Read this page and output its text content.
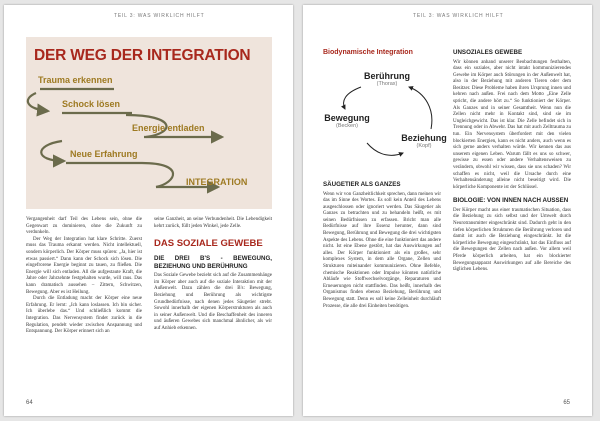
TEIL 3: WAS WIRKLICH HILFT
DER WEG DER INTEGRATION
Trauma erkennen
Schock lösen
Energie entladen
Neue Erfahrung
INTEGRATION

Vergangenheit darf Teil des Lebens sein, ohne die Gegenwart zu dominieren, ohne die Zukunft zu verdunkeln.

Der Weg der Integration hat klare Schritte. Zuerst muss das Trauma erkannt werden. Nicht intellektuell, sondern körperlich. Der Körper muss spüren: „Ja, hier ist etwas passiert.“ Dann kann der Schock sich lösen. Die eingefrorene Energie beginnt zu tauen, zu fließen. Die Energie will sich entladen. All die aufgestaute Kraft, die Jahre oder Jahrzehnte festgehalten wurde, will raus. Das kann dramatisch aussehen – Zittern, Schwitzen, Bewegung. Aber es ist Heilung.

Durch die Entladung macht der Körper eine neue Erfahrung. Er lernt: „Ich kann loslassen. Ich bin sicher. Ich überlebe das.“ Und schließlich kommt die Integration. Das Nervensystem findet zurück in die Regulation, pendelt wieder zwischen Anspannung und Entspannung. Der Körper erinnert sich an

seine Ganzheit, an seine Verbundenheit. Die Lebendigkeit kehrt zurück, füllt jeden Winkel, jede Zelle.

DAS SOZIALE GEWEBE
DIE DREI B'S - BEWEGUNG, BEZIEHUNG UND BERÜHRUNG

Das Soziale Gewebe bezieht sich auf die Zusammenhänge im Körper aber auch auf die soziale Interaktion mit der Außenwelt. Dazu zählen die drei B's: Bewegung, Beziehung und Berührung als wichtigste Grundbedürfnisse, nach denen jedes Säugetier strebt. Sowohl innerhalb der eigenen Körperstrukturen als auch in seiner Außenwelt. Und die Beschaffenheit des inneren und äußeren Gewebes sich manchmal ähnlicher, als wir auf Anhieb erkennen.

64
TEIL 3: WAS WIRKLICH HILFT
Biodynamische Integration
Berührung
(Thorax)
Bewegung
(Becken)
Beziehung
(Kopf)
SÄUGETIER ALS GANZES

Wenn wir von Ganzheitlichkeit sprechen, dann meinen wir das im Sinne des Wortes. Es soll kein Anteil des Lebens ausgeschlossen oder ignoriert werden. Das Säugetier als Ganzes zu betrachten und zu behandeln heißt, es mit seinen Bedürfnissen zu erfassen. Bricht man alle Bedürfnisse auf ihre Essenz herunter, dann sind Bewegung, Berührung und Bewegung die drei wichtigsten Aspekte des Lebens. Ohne die eine funktioniert das andere nicht. Ist eine Ebene gestört, hat das Auswirkungen auf alles. Der Körper funktioniert als ein großes, sehr komplexes System, in dem alle Organe, Zellen und Strukturen miteinander kommunizieren. Ohne Befehle, chemische Reaktionen oder Impulse könnten natürliche Abläufe wie Stoffwechselvorgänge, Reparaturen und Erneuerungen nicht stattfinden. Das heißt, innerhalb des Organismus finden ebenso Beziehung, Berührung und Bewegung statt. Denn es soll keine Zelleinheit durchläuft Prozesse, die alle drei Einheiten benötigen.

UNSOZIALES GEWEBE

Wir können anhand unserer Beobachtungen festhalten, dass ein soziales, aber nicht intakt kommunizierendes Gewebe im Körper auch Störungen in der Außenwelt hat, also in der Beziehung mit anderen Tieren oder dem Besitzer. Diese Probleme haben ihren Ursprung innen und kehren nach außen. Frei nach dem Motto „Eine Zelle spricht, die andere hört zu.“ So funktioniert der Körper. Als Ganzes und in seiner Gesamtheit. Wenn nun die Zellen nicht mehr in Kontakt sind, sind sie im Ungleichgewicht. Das ist klar. Die Zelle befindet sich in Trennung oder in Abwehr. Das hat mit auch Zelltrauma zu tun. Ein Nervensystem überfordert mit den vielen blockierten Energien, kann es nicht anders, auch wenn es sich gerne anders verhalten würde. Wir kennen das aus unserem eigenen Leben. Warum fällt es uns so schwer, gewisse zu essen oder andere Verhaltensweisen zu verändern, obwohl wir wissen, dass sie uns schaden? Wir schaffen es nicht, weil die Ursache durch eine Verhaltensänderung alleine nicht beseitigt wird. Die körperliche Komponente ist der Schlüssel.

BIOLOGIE: VON INNEN NACH AUSSEN

Der Körper macht aus einer traumatischen Situation, dass die Beziehung zu sich selbst und der Umwelt durch Neurotransmitter eingeschränkt sind. Dadurch geht in den tiefen körperlichen Strukturen die Berührung verloren und damit ist auch die Beziehung eingeschränkt. Ist die körperliche Bewegung eingeschränkt, hat das Einfluss auf die Bewegungen der Zellen nach außen. Vor allem weil Pferde körperlich arbeiten, hat ein blockierter Bewegungsapparat Auswirkungen auf alle Bereiche des täglichen Lebens.

65
